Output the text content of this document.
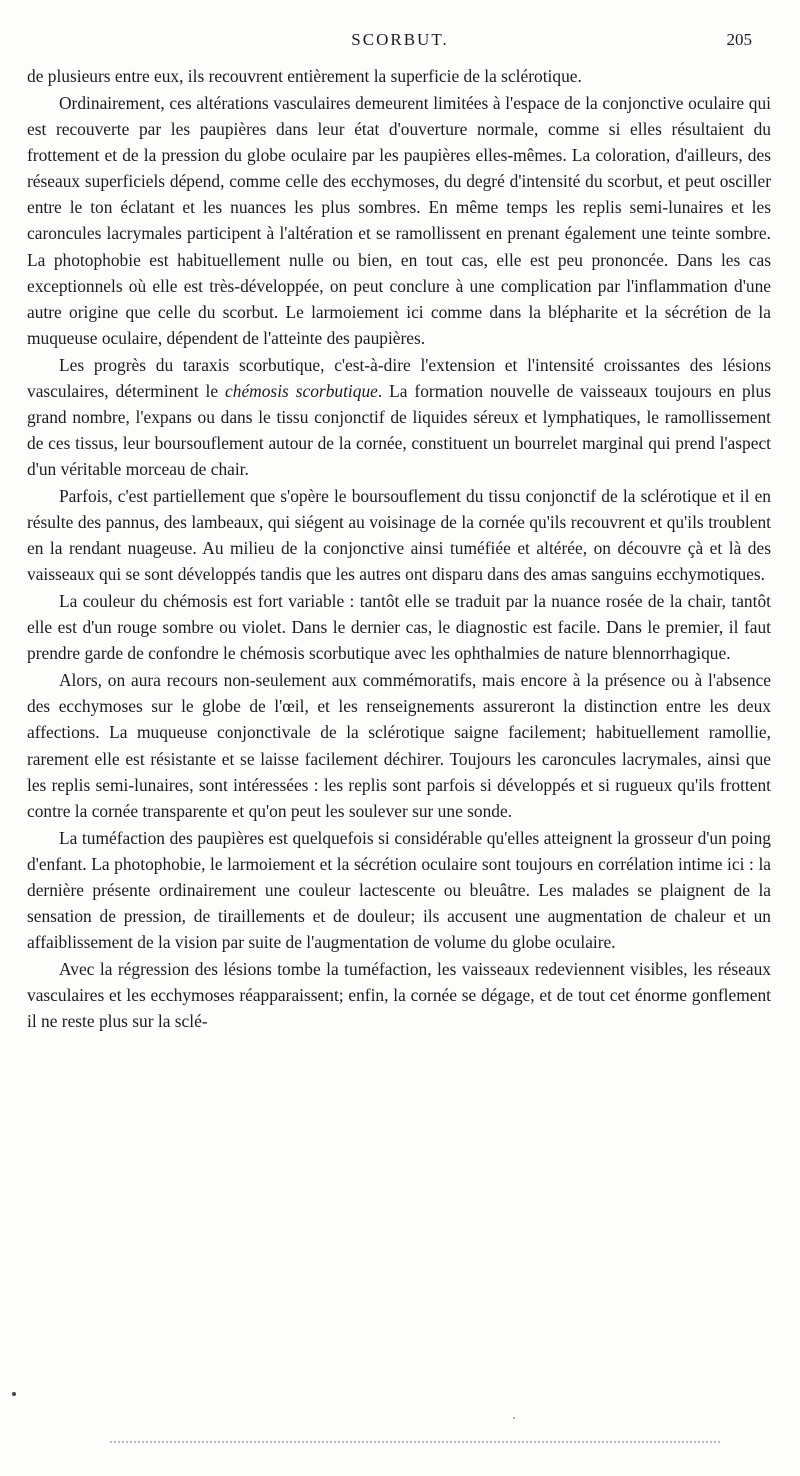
SCORBUT.	205

de plusieurs entre eux, ils recouvrent entièrement la superficie de la sclérotique.

Ordinairement, ces altérations vasculaires demeurent limitées à l'espace de la conjonctive oculaire qui est recouverte par les paupières dans leur état d'ouverture normale, comme si elles résultaient du frottement et de la pression du globe oculaire par les paupières elles-mêmes. La coloration, d'ailleurs, des réseaux superficiels dépend, comme celle des ecchymoses, du degré d'intensité du scorbut, et peut osciller entre le ton éclatant et les nuances les plus sombres. En même temps les replis semi-lunaires et les caroncules lacrymales participent à l'altération et se ramollissent en prenant également une teinte sombre. La photophobie est habituellement nulle ou bien, en tout cas, elle est peu prononcée. Dans les cas exceptionnels où elle est très-développée, on peut conclure à une complication par l'inflammation d'une autre origine que celle du scorbut. Le larmoiement ici comme dans la blépharite et la sécrétion de la muqueuse oculaire, dépendent de l'atteinte des paupières.

Les progrès du taraxis scorbutique, c'est-à-dire l'extension et l'intensité croissantes des lésions vasculaires, déterminent le chémosis scorbutique. La formation nouvelle de vaisseaux toujours en plus grand nombre, l'expans ou dans le tissu conjonctif de liquides séreux et lymphatiques, le ramollissement de ces tissus, leur boursouflement autour de la cornée, constituent un bourrelet marginal qui prend l'aspect d'un véritable morceau de chair.

Parfois, c'est partiellement que s'opère le boursouflement du tissu conjonctif de la sclérotique et il en résulte des pannus, des lambeaux, qui siégent au voisinage de la cornée qu'ils recouvrent et qu'ils troublent en la rendant nuageuse. Au milieu de la conjonctive ainsi tuméfiée et altérée, on découvre çà et là des vaisseaux qui se sont développés tandis que les autres ont disparu dans des amas sanguins ecchymotiques.

La couleur du chémosis est fort variable : tantôt elle se traduit par la nuance rosée de la chair, tantôt elle est d'un rouge sombre ou violet. Dans le dernier cas, le diagnostic est facile. Dans le premier, il faut prendre garde de confondre le chémosis scorbutique avec les ophthalmies de nature blennorrhagique.

Alors, on aura recours non-seulement aux commémoratifs, mais encore à la présence ou à l'absence des ecchymoses sur le globe de l'œil, et les renseignements assureront la distinction entre les deux affections. La muqueuse conjonctivale de la sclérotique saigne facilement; habituellement ramollie, rarement elle est résistante et se laisse facilement déchirer. Toujours les caroncules lacrymales, ainsi que les replis semi-lunaires, sont intéressées : les replis sont parfois si développés et si rugueux qu'ils frottent contre la cornée transparente et qu'on peut les soulever sur une sonde.

La tuméfaction des paupières est quelquefois si considérable qu'elles atteignent la grosseur d'un poing d'enfant. La photophobie, le larmoiement et la sécrétion oculaire sont toujours en corrélation intime ici : la dernière présente ordinairement une couleur lactescente ou bleuâtre. Les malades se plaignent de la sensation de pression, de tiraillements et de douleur; ils accusent une augmentation de chaleur et un affaiblissement de la vision par suite de l'augmentation de volume du globe oculaire.

Avec la régression des lésions tombe la tuméfaction, les vaisseaux redeviennent visibles, les réseaux vasculaires et les ecchymoses réapparaissent; enfin, la cornée se dégage, et de tout cet énorme gonflement il ne reste plus sur la sclé-
